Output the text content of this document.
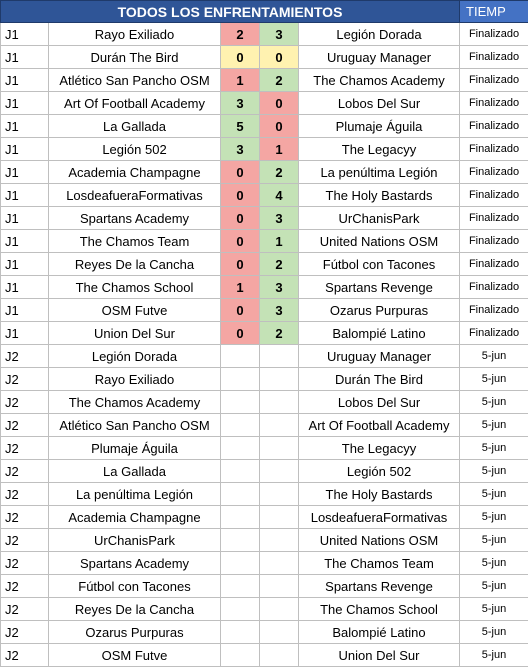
TODOS LOS ENFRENTAMIENTOS					TIEMP
J1	Rayo Exiliado	2	3	Legión Dorada	Finalizado
J1	Durán The Bird	0	0	Uruguay Manager	Finalizado
J1	Atlético San Pancho OSM	1	2	The Chamos Academy	Finalizado
J1	Art Of Football Academy	3	0	Lobos Del Sur	Finalizado
J1	La Gallada	5	0	Plumaje Águila	Finalizado
J1	Legión 502	3	1	The Legacyy	Finalizado
J1	Academia Champagne	0	2	La penúltima Legión	Finalizado
J1	LosdeafueraFormativas	0	4	The Holy Bastards	Finalizado
J1	Spartans Academy	0	3	UrChanisPark	Finalizado
J1	The Chamos Team	0	1	United Nations OSM	Finalizado
J1	Reyes De la Cancha	0	2	Fútbol con Tacones	Finalizado
J1	The Chamos School	1	3	Spartans Revenge	Finalizado
J1	OSM Futve	0	3	Ozarus Purpuras	Finalizado
J1	Union Del Sur	0	2	Balompié Latino	Finalizado
J2	Legión Dorada			Uruguay Manager	5-jun
J2	Rayo Exiliado			Durán The Bird	5-jun
J2	The Chamos Academy			Lobos Del Sur	5-jun
J2	Atlético San Pancho OSM			Art Of Football Academy	5-jun
J2	Plumaje Águila			The Legacyy	5-jun
J2	La Gallada			Legión 502	5-jun
J2	La penúltima Legión			The Holy Bastards	5-jun
J2	Academia Champagne			LosdeafueraFormativas	5-jun
J2	UrChanisPark			United Nations OSM	5-jun
J2	Spartans Academy			The Chamos Team	5-jun
J2	Fútbol con Tacones			Spartans Revenge	5-jun
J2	Reyes De la Cancha			The Chamos School	5-jun
J2	Ozarus Purpuras			Balompié Latino	5-jun
J2	OSM Futve			Union Del Sur	5-jun
